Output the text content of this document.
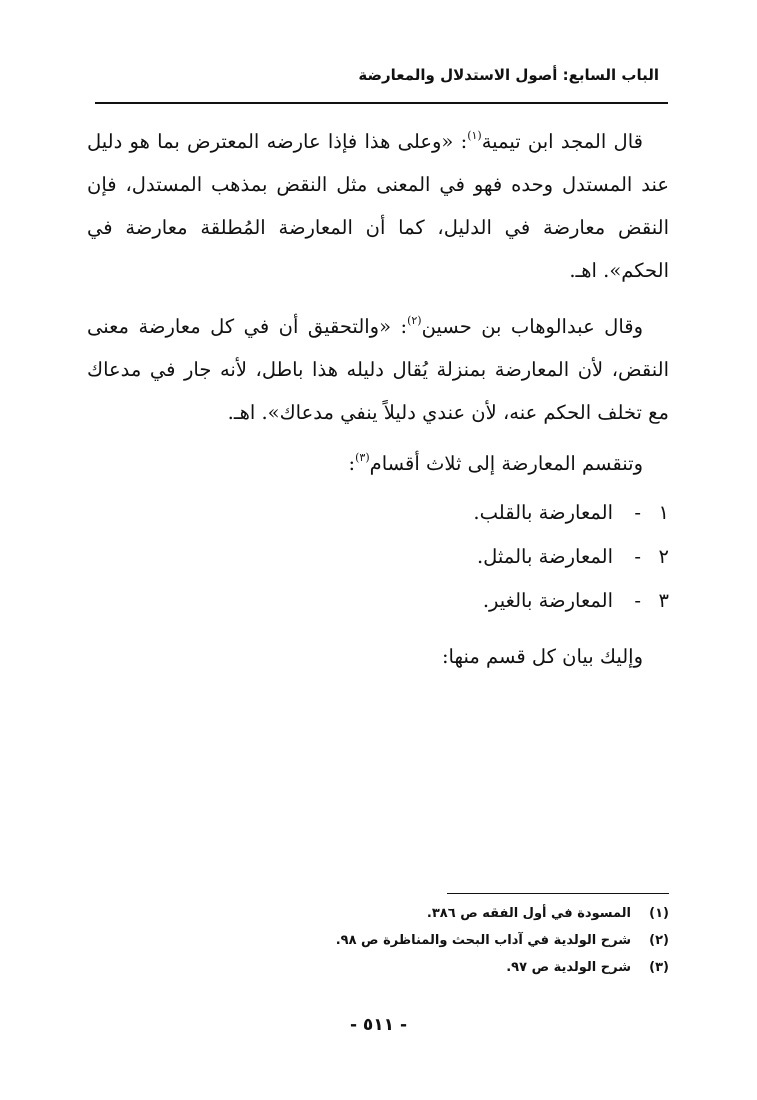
الباب السابع: أصول الاستدلال والمعارضة

قال المجد ابن تيمية$^{(١)}$: «وعلى هذا فإذا عارضه المعترض بما هو دليل عند المستدل وحده فهو في المعنى مثل النقض بمذهب المستدل، فإن النقض معارضة في الدليل، كما أن المعارضة المُطلقة معارضة في الحكم». اهـ.

وقال عبدالوهاب بن حسين$^{(٢)}$: «والتحقيق أن في كل معارضة معنى النقض، لأن المعارضة بمنزلة يُقال دليله هذا باطل، لأنه جار في مدعاك مع تخلف الحكم عنه، لأن عندي دليلاً ينفي مدعاك». اهـ.

وتنقسم المعارضة إلى ثلاث أقسام$^{(٣)}$:

١-المعارضة بالقلب.
٢-المعارضة بالمثل.
٣-المعارضة بالغير.

وإليك بيان كل قسم منها:

(١)المسودة في أول الفقه ص ٣٨٦.

(٢)شرح الولدية في آداب البحث والمناظرة ص ٩٨.

(٣)شرح الولدية ص ٩٧.

- ٥١١ -
